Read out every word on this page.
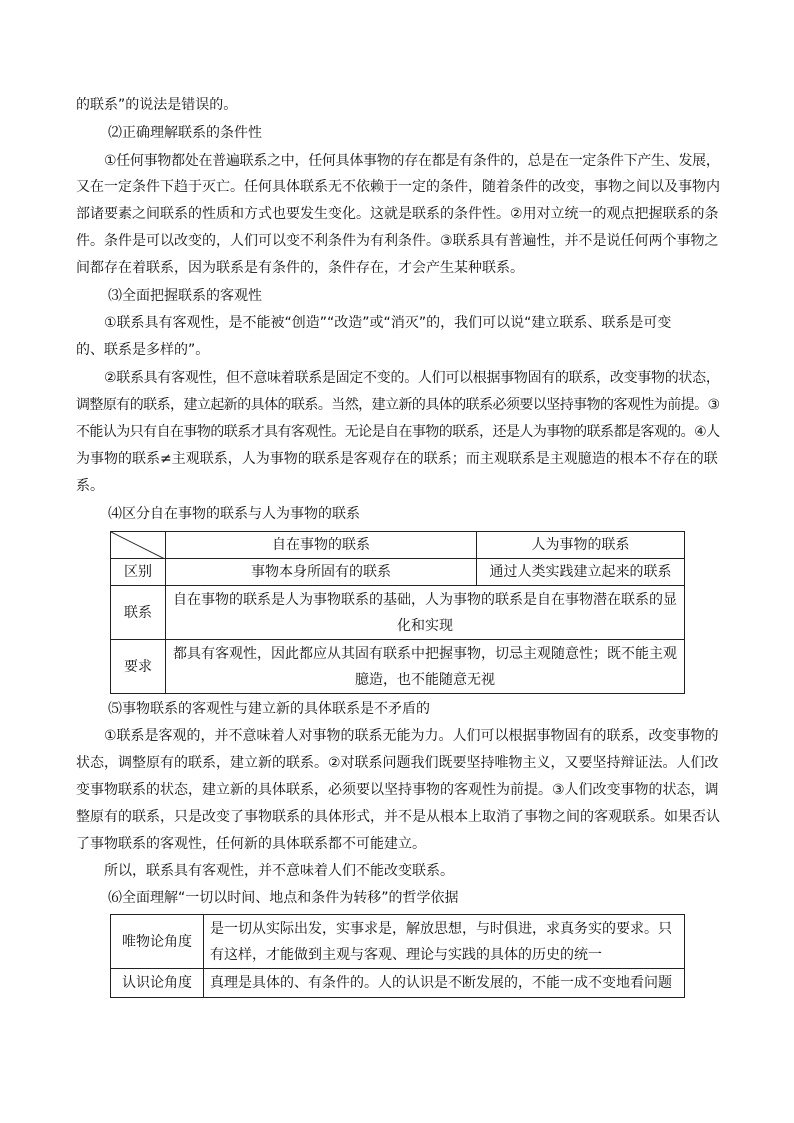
的联系”的说法是错误的。
⑵正确理解联系的条件性
①任何事物都处在普遍联系之中，任何具体事物的存在都是有条件的，总是在一定条件下产生、发展，
又在一定条件下趋于灭亡。任何具体联系无不依赖于一定的条件，随着条件的改变，事物之间以及事物内
部诸要素之间联系的性质和方式也要发生变化。这就是联系的条件性。②用对立统一的观点把握联系的条
件。条件是可以改变的，人们可以变不利条件为有利条件。③联系具有普遍性，并不是说任何两个事物之
间都存在着联系，因为联系是有条件的，条件存在，才会产生某种联系。
⑶全面把握联系的客观性
①联系具有客观性，是不能被“创造”“改造”或“消灭”的，我们可以说“建立联系、联系是可变
的、联系是多样的”。
②联系具有客观性，但不意味着联系是固定不变的。人们可以根据事物固有的联系，改变事物的状态，
调整原有的联系，建立起新的具体的联系。当然，建立新的具体的联系必须要以坚持事物的客观性为前提。③
不能认为只有自在事物的联系才具有客观性。无论是自在事物的联系，还是人为事物的联系都是客观的。④人
为事物的联系≠主观联系，人为事物的联系是客观存在的联系；而主观联系是主观臆造的根本不存在的联
系。
⑷区分自在事物的联系与人为事物的联系
	自在事物的联系	人为事物的联系
区别	事物本身所固有的联系	通过人类实践建立起来的联系
联系	自在事物的联系是人为事物联系的基础，人为事物的联系是自在事物潜在联系的显
化和实现	

要求	都具有客观性，因此都应从其固有联系中把握事物，切忌主观随意性；既不能主观
臆造，也不能随意无视	
⑸事物联系的客观性与建立新的具体联系是不矛盾的
①联系是客观的，并不意味着人对事物的联系无能为力。人们可以根据事物固有的联系，改变事物的
状态，调整原有的联系，建立新的联系。②对联系问题我们既要坚持唯物主义，又要坚持辩证法。人们改
变事物联系的状态，建立新的具体联系，必须要以坚持事物的客观性为前提。③人们改变事物的状态，调
整原有的联系，只是改变了事物联系的具体形式，并不是从根本上取消了事物之间的客观联系。如果否认
了事物联系的客观性，任何新的具体联系都不可能建立。
所以，联系具有客观性，并不意味着人们不能改变联系。
⑹全面理解“一切以时间、地点和条件为转移”的哲学依据
唯物论角度	是一切从实际出发，实事求是，解放思想，与时俱进，求真务实的要求。只
有这样，才能做到主观与客观、理论与实践的具体的历史的统一

认识论角度	真理是具体的、有条件的。人的认识是不断发展的，不能一成不变地看问题
